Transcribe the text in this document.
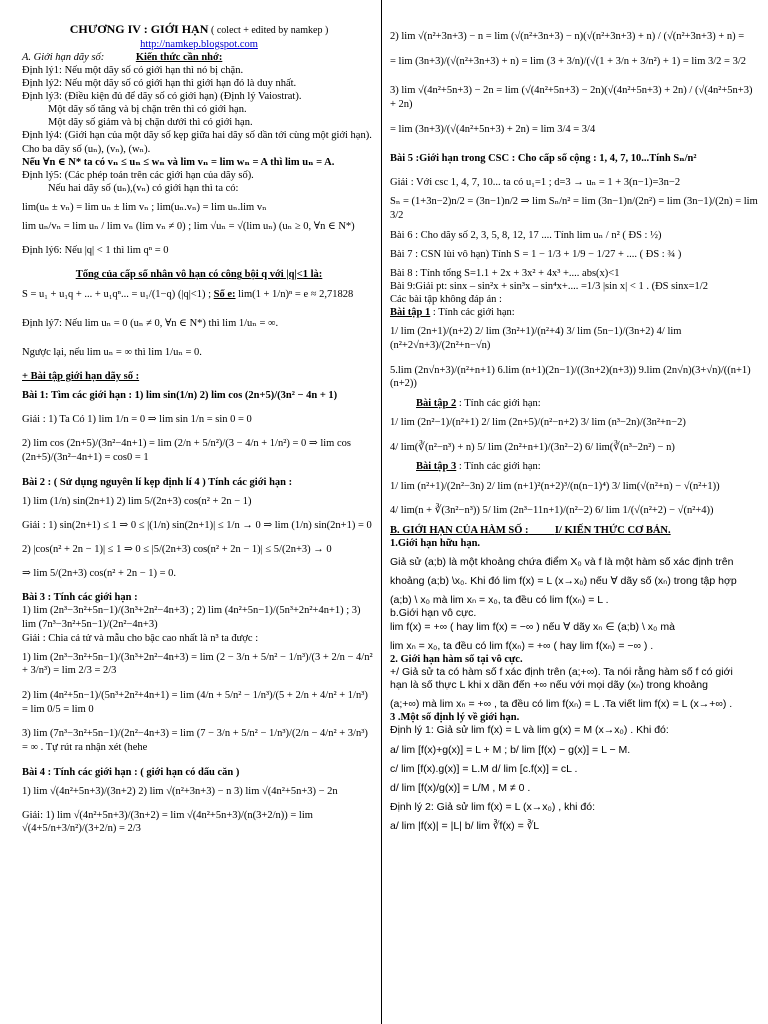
CHƯƠNG IV : GIỚI HẠN ( colect + edited by namkep )

http://namkep.blogspot.com

A. Giới hạn dãy số:	Kiến thức cần nhớ:

Định lý1: Nếu một dãy số có giới hạn thì nó bị chặn.

Định lý2: Nếu một dãy số có giới hạn thì giới hạn đó là duy nhất.

Định lý3: (Điều kiện đủ để dãy số có giới hạn) (Định lý Vaiostrat).

Một dãy số tăng và bị chặn trên thì có giới hạn.

Một dãy số giảm và bị chặn dưới thì có giới hạn.

Định lý4: (Giới hạn của một dãy số kẹp giữa hai dãy số dần tới cùng một giới hạn). Cho ba dãy số (uₙ), (vₙ), (wₙ).

Nếu ∀n ∈ N* ta có vₙ ≤ uₙ ≤ wₙ và lim vₙ = lim wₙ = A thì lim uₙ = A.

Định lý5: (Các phép toán trên các giới hạn của dãy số).

Nếu hai dãy số (uₙ),(vₙ) có giới hạn thì ta có:

lim(uₙ ± vₙ) = lim uₙ ± lim vₙ ; lim(uₙ.vₙ) = lim uₙ.lim vₙ

lim uₙ/vₙ = lim uₙ / lim vₙ (lim vₙ ≠ 0) ; lim √uₙ = √(lim uₙ) (uₙ ≥ 0, ∀n ∈ N*)

Định lý6: Nếu |q| < 1 thì lim qⁿ = 0

Tổng của cấp số nhân vô hạn có công bội q với |q|<1 là:

S = u₁ + u₁q + ... + u₁qⁿ... = u₁/(1−q) (|q|<1) ; Số e: lim(1 + 1/n)ⁿ = e ≈ 2,71828

Định lý7: Nếu lim uₙ = 0 (uₙ ≠ 0, ∀n ∈ N*) thì lim 1/uₙ = ∞.

Ngược lại, nếu lim uₙ = ∞ thì lim 1/uₙ = 0.

+ Bài tập giới hạn dãy số :

Bài 1: Tìm các giới hạn : 1) lim sin(1/n) 2) lim cos (2n+5)/(3n² − 4n + 1)

Giải : 1) Ta Có 1) lim 1/n = 0 ⇒ lim sin 1/n = sin 0 = 0

2) lim cos (2n+5)/(3n²−4n+1) = lim (2/n + 5/n²)/(3 − 4/n + 1/n²) = 0 ⇒ lim cos (2n+5)/(3n²−4n+1) = cos0 = 1

Bài 2 : ( Sử dụng nguyên lí kẹp định lí 4 ) Tính các giới hạn :

1) lim (1/n) sin(2n+1) 2) lim 5/(2n+3) cos(n² + 2n − 1)

Giải : 1) sin(2n+1) ≤ 1 ⇒ 0 ≤ |(1/n) sin(2n+1)| ≤ 1/n → 0 ⇒ lim (1/n) sin(2n+1) = 0

2) |cos(n² + 2n − 1)| ≤ 1 ⇒ 0 ≤ |5/(2n+3) cos(n² + 2n − 1)| ≤ 5/(2n+3) → 0

⇒ lim 5/(2n+3) cos(n² + 2n − 1) = 0.

Bài 3 : Tính các giới hạn :

1) lim (2n³−3n²+5n−1)/(3n³+2n²−4n+3) ; 2) lim (4n²+5n−1)/(5n³+2n²+4n+1) ; 3) lim (7n³−3n²+5n−1)/(2n²−4n+3)

Giải : Chia cả tử và mẫu cho bậc cao nhất là n³ ta được :

1) lim (2n³−3n²+5n−1)/(3n³+2n²−4n+3) = lim (2 − 3/n + 5/n² − 1/n³)/(3 + 2/n − 4/n² + 3/n³) = lim 2/3 = 2/3

2) lim (4n²+5n−1)/(5n³+2n²+4n+1) = lim (4/n + 5/n² − 1/n³)/(5 + 2/n + 4/n² + 1/n³) = lim 0/5 = lim 0

3) lim (7n³−3n²+5n−1)/(2n²−4n+3) = lim (7 − 3/n + 5/n² − 1/n³)/(2/n − 4/n² + 3/n³) = ∞ . Tự rút ra nhận xét (hehe

Bài 4 : Tính các giới hạn : ( giới hạn có dấu căn )

1) lim √(4n²+5n+3)/(3n+2) 2) lim √(n²+3n+3) − n 3) lim √(4n²+5n+3) − 2n

Giải: 1) lim √(4n²+5n+3)/(3n+2) = lim √(4n²+5n+3)/(n(3+2/n)) = lim √(4+5/n+3/n²)/(3+2/n) = 2/3

2) lim √(n²+3n+3) − n = lim (√(n²+3n+3) − n)(√(n²+3n+3) + n) / (√(n²+3n+3) + n) =

= lim (3n+3)/(√(n²+3n+3) + n) = lim (3 + 3/n)/(√(1 + 3/n + 3/n²) + 1) = lim 3/2 = 3/2

3) lim √(4n²+5n+3) − 2n = lim (√(4n²+5n+3) − 2n)(√(4n²+5n+3) + 2n) / (√(4n²+5n+3) + 2n)

= lim (3n+3)/(√(4n²+5n+3) + 2n) = lim 3/4 = 3/4

Bài 5 :Giới hạn trong CSC : Cho cấp số cộng : 1, 4, 7, 10...Tính Sₙ/n²

Giải : Với csc 1, 4, 7, 10... ta có u₁=1 ; d=3 → uₙ = 1 + 3(n−1)=3n−2

Sₙ = (1+3n−2)n/2 = (3n−1)n/2 ⇒ lim Sₙ/n² = lim (3n−1)n/(2n²) = lim (3n−1)/(2n) = lim 3/2

Bài 6 : Cho dãy số 2, 3, 5, 8, 12, 17 .... Tính lim uₙ / n² ( ĐS : ½)

Bài 7 : CSN lùi vô hạn) Tính S = 1 − 1/3 + 1/9 − 1/27 + .... ( ĐS : ¾ )

Bài 8 : Tính tổng S=1.1 + 2x + 3x² + 4x³ +.... abs(x)<1

Bài 9:Giải pt: sinx – sin²x + sin³x – sin⁴x+.... =1/3 |sin x| < 1 . (ĐS sinx=1/2

Các bài tập không đáp án :

Bài tập 1 : Tính các giới hạn:

1/ lim (2n+1)/(n+2) 2/ lim (3n²+1)/(n²+4) 3/ lim (5n−1)/(3n+2) 4/ lim (n²+2√n+3)/(2n²+n−√n)

5.lim (2n√n+3)/(n²+n+1) 6.lim (n+1)(2n−1)/((3n+2)(n+3)) 9.lim (2n√n)(3+√n)/((n+1)(n+2))

Bài tập 2 : Tính các giới hạn:

1/ lim (2n²−1)/(n²+1) 2/ lim (2n+5)/(n²−n+2) 3/ lim (n³−2n)/(3n²+n−2)

4/ lim(∛(n²−n³) + n) 5/ lim (2n²+n+1)/(3n²−2) 6/ lim(∛(n³−2n²) − n)

Bài tập 3 : Tính các giới hạn:

1/ lim (n²+1)/(2n²−3n) 2/ lim (n+1)²(n+2)³/(n(n−1)⁴) 3/ lim(√(n²+n) − √(n²+1))

4/ lim(n + ∛(3n²−n³)) 5/ lim (2n³−11n+1)/(n²−2) 6/ lim 1/(√(n²+2) − √(n²+4))

B. GIỚI HẠN CỦA HÀM SỐ :	I/ KIẾN THỨC CƠ BẢN.

1.Giới hạn hữu hạn.

Giả sử (a;b) là một khoảng chứa điểm X₀ và f là một hàm số xác định trên

khoảng (a;b) \x₀. Khi đó lim f(x) = L (x→x₀) nếu ∀ dãy số (xₙ) trong tập hợp

(a;b) \ x₀ mà lim xₙ = x₀, ta đều có lim f(xₙ) = L .

b.Giới hạn vô cực.

lim f(x) = +∞ ( hay lim f(x) = −∞ ) nếu ∀ dãy xₙ ∈ (a;b) \ x₀ mà

lim xₙ = x₀, ta đều có lim f(xₙ) = +∞ ( hay lim f(xₙ) = −∞ ) .

2. Giới hạn hàm số tại vô cực.

+/ Giả sử ta có hàm số f xác định trên (a;+∞). Ta nói rằng hàm số f có giới

hạn là số thực L khi x dần đến +∞ nếu với mọi dãy (xₙ) trong khoảng

(a;+∞) mà lim xₙ = +∞ , ta đều có lim f(xₙ) = L .Ta viết lim f(x) = L (x→+∞) .

3 .Một số định lý về giới hạn.

Định lý 1: Giả sử lim f(x) = L và lim g(x) = M (x→x₀) . Khi đó:

a/ lim [f(x)+g(x)] = L + M ; b/ lim [f(x) − g(x)] = L − M.

c/ lim [f(x).g(x)] = L.M d/ lim [c.f(x)] = cL .

d/ lim [f(x)/g(x)] = L/M , M ≠ 0 .

Định lý 2: Giả sử lim f(x) = L (x→x₀) , khi đó:

a/ lim |f(x)| = |L| b/ lim ∛f(x) = ∛L
